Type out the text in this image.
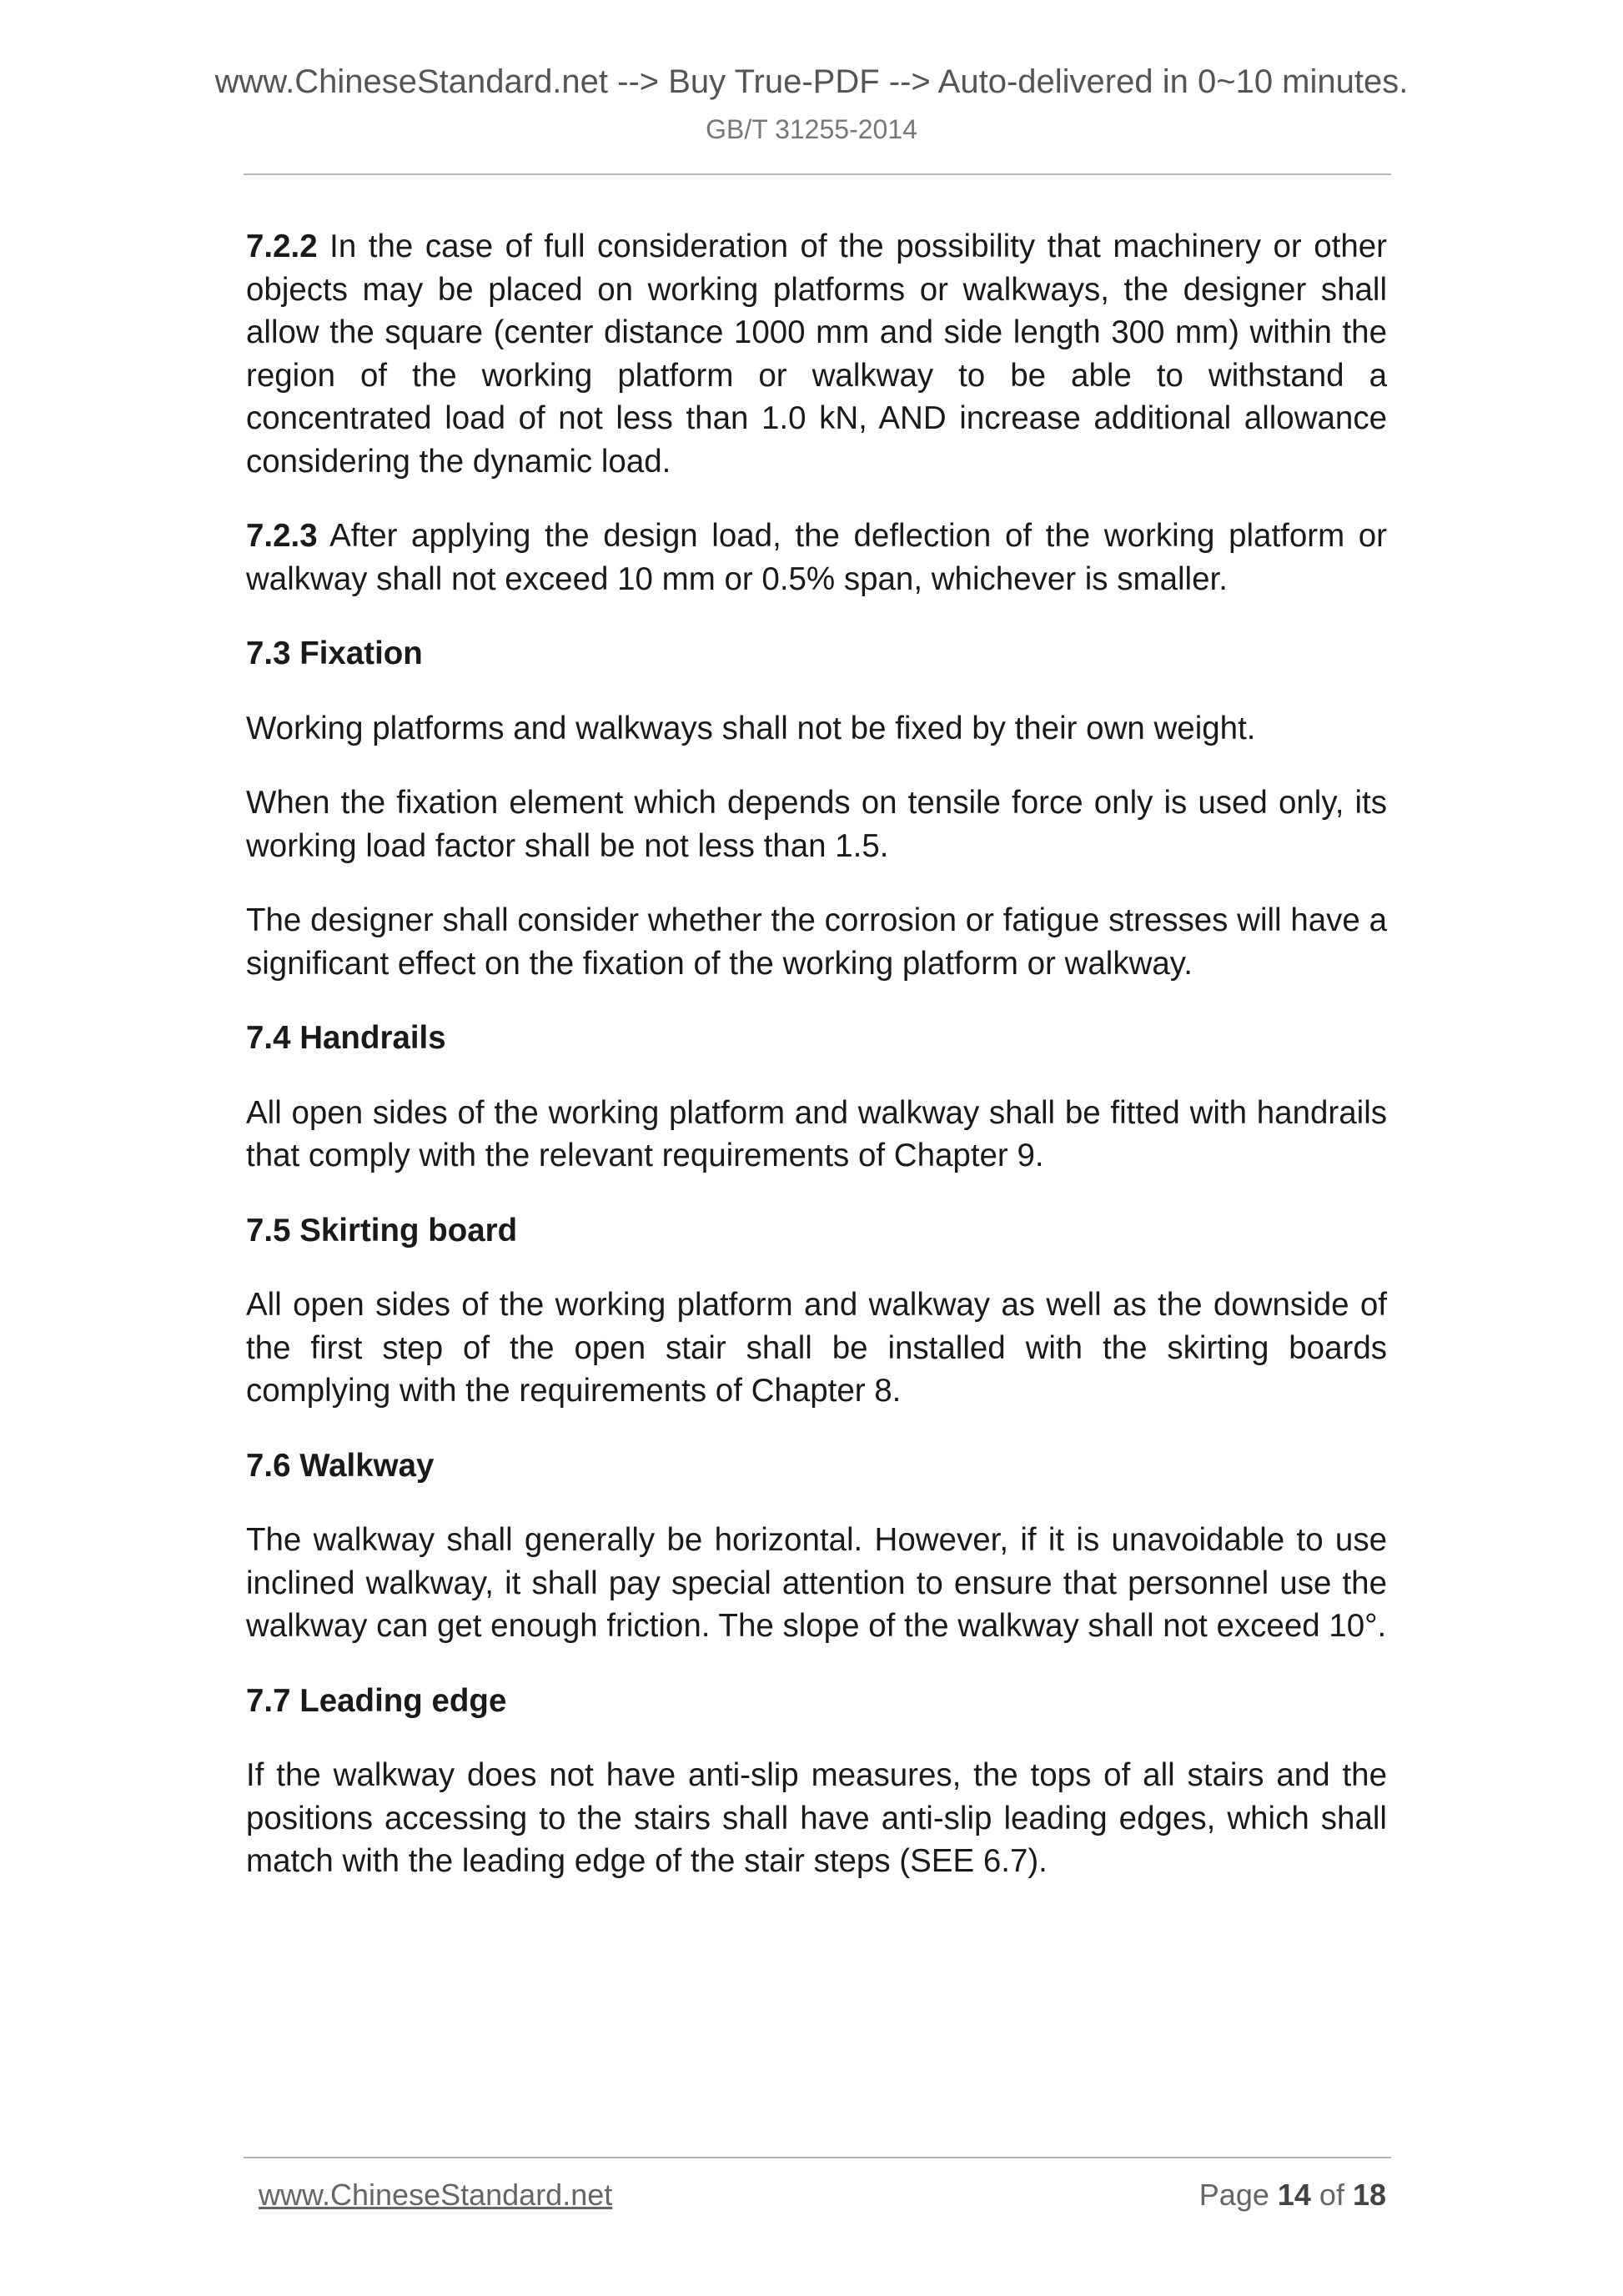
www.ChineseStandard.net --> Buy True-PDF --> Auto-delivered in 0~10 minutes.
GB/T 31255-2014

7.2.2 In the case of full consideration of the possibility that machinery or other objects may be placed on working platforms or walkways, the designer shall allow the square (center distance 1000 mm and side length 300 mm) within the region of the working platform or walkway to be able to withstand a concentrated load of not less than 1.0 kN, AND increase additional allowance considering the dynamic load.

7.2.3 After applying the design load, the deflection of the working platform or walkway shall not exceed 10 mm or 0.5% span, whichever is smaller.

7.3 Fixation

Working platforms and walkways shall not be fixed by their own weight.

When the fixation element which depends on tensile force only is used only, its working load factor shall be not less than 1.5.

The designer shall consider whether the corrosion or fatigue stresses will have a significant effect on the fixation of the working platform or walkway.

7.4 Handrails

All open sides of the working platform and walkway shall be fitted with handrails that comply with the relevant requirements of Chapter 9.

7.5 Skirting board

All open sides of the working platform and walkway as well as the downside of the first step of the open stair shall be installed with the skirting boards complying with the requirements of Chapter 8.

7.6 Walkway

The walkway shall generally be horizontal. However, if it is unavoidable to use inclined walkway, it shall pay special attention to ensure that personnel use the walkway can get enough friction. The slope of the walkway shall not exceed 10°.

7.7 Leading edge

If the walkway does not have anti-slip measures, the tops of all stairs and the positions accessing to the stairs shall have anti-slip leading edges, which shall match with the leading edge of the stair steps (SEE 6.7).

www.ChineseStandard.net	Page 14 of 18
